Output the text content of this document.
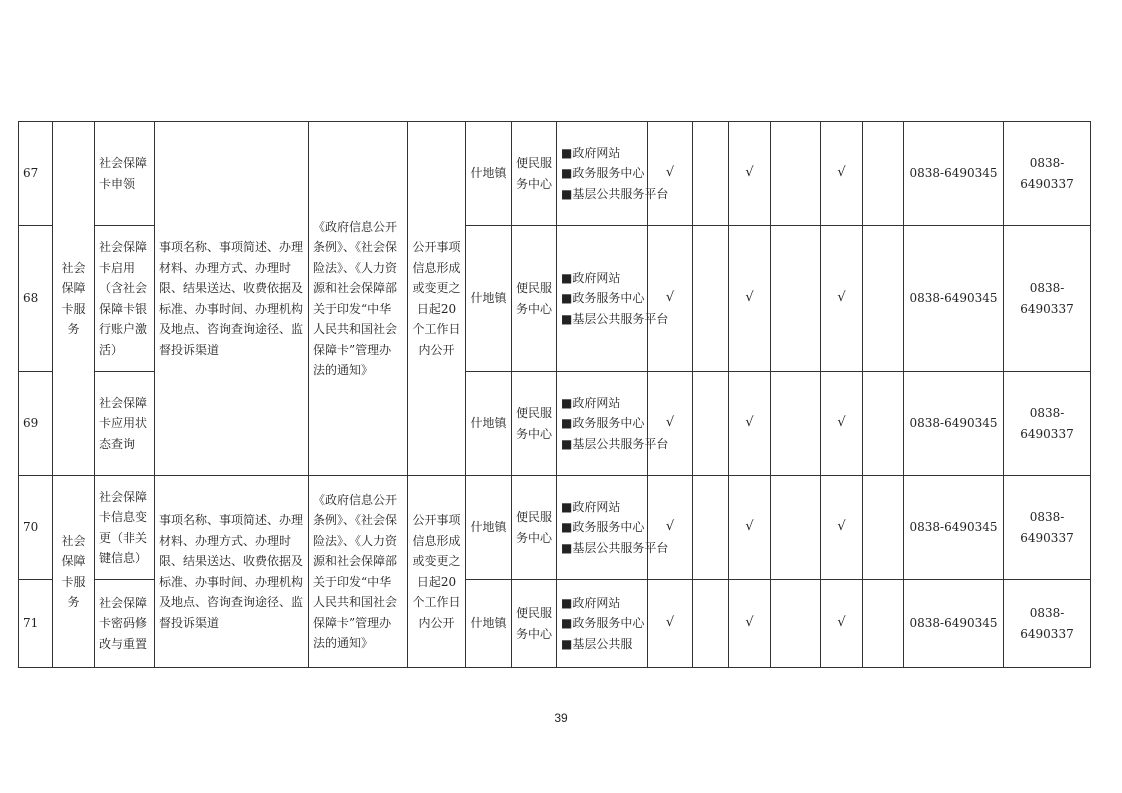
67	社会保障卡服务	社会保障卡申领	事项名称、事项简述、办理材料、办理方式、办理时限、结果送达、收费依据及标准、办事时间、办理机构及地点、咨询查询途径、监督投诉渠道	《政府信息公开条例》、《社会保险法》、《人力资源和社会保障部关于印发“中华人民共和国社会保障卡”管理办法的通知》	公开事项信息形成或变更之日起20个工作日内公开	什地镇	便民服务中心	■政府网站
■政务服务中心
■基层公共服务平台	√		√		√		0838-6490345	0838-6490337
68		社会保障卡启用（含社会保障卡银行账户激活）				什地镇	便民服务中心	■政府网站
■政务服务中心
■基层公共服务平台	√		√		√		0838-6490345	0838-6490337
69		社会保障卡应用状态查询				什地镇	便民服务中心	■政府网站
■政务服务中心
■基层公共服务平台	√		√		√		0838-6490345	0838-6490337
70	社会保障卡服务	社会保障卡信息变更（非关键信息）	事项名称、事项简述、办理材料、办理方式、办理时限、结果送达、收费依据及标准、办事时间、办理机构及地点、咨询查询途径、监督投诉渠道	《政府信息公开条例》、《社会保险法》、《人力资源和社会保障部关于印发“中华人民共和国社会保障卡”管理办法的通知》	公开事项信息形成或变更之日起20个工作日内公开	什地镇	便民服务中心	■政府网站
■政务服务中心
■基层公共服务平台	√		√		√		0838-6490345	0838-6490337
71		社会保障卡密码修改与重置				什地镇	便民服务中心	■政府网站
■政务服务中心
■基层公共服	√		√		√		0838-6490345	0838-6490337
39
